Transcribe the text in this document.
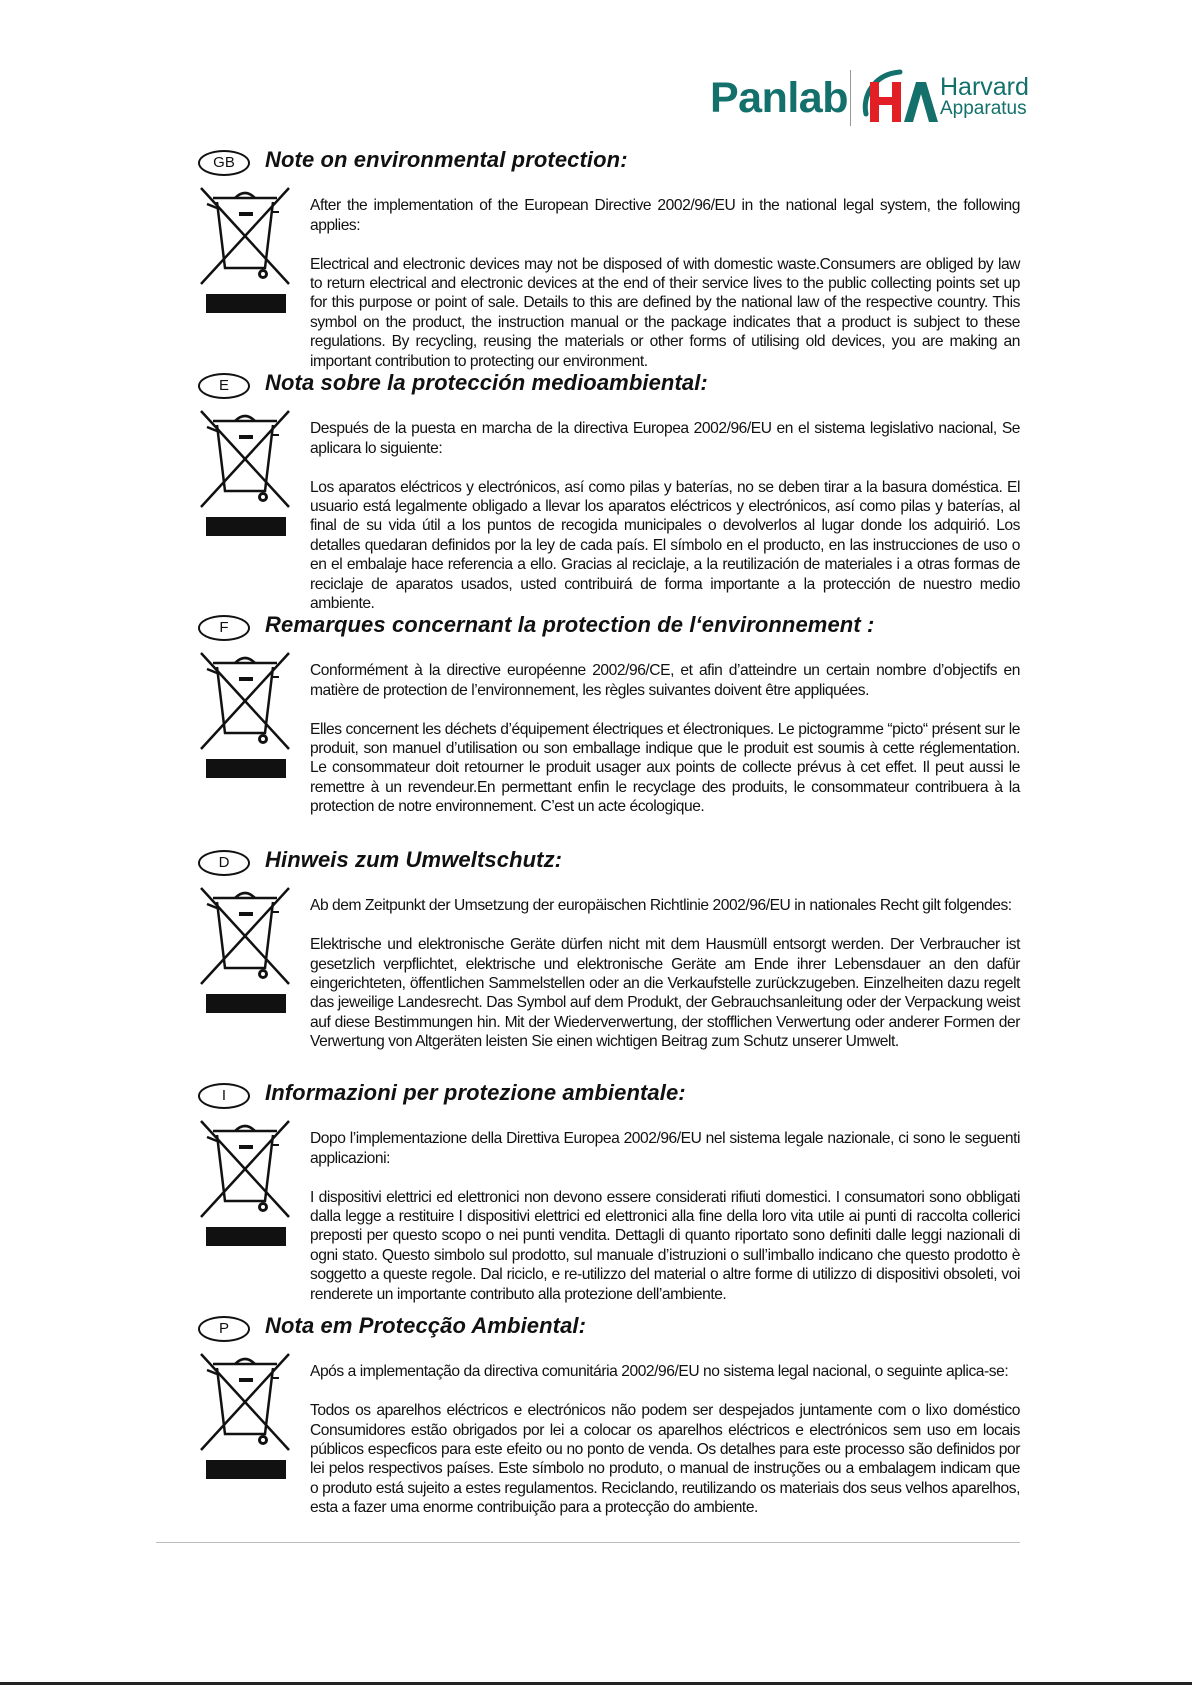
Panlab	Harvard
Apparatus
GB	Note on environmental protection:

After the implementation of the European Directive 2002/96/EU in the national legal system, the following applies:

Electrical and electronic devices may not be disposed of with domestic waste.Consumers are obliged by law to return electrical and electronic devices at the end of their service lives to the public collecting points set up for this purpose or point of sale. Details to this are defined by the national law of the respective country. This symbol on the product, the instruction manual or the package indicates that a product is subject to these regulations. By recycling, reusing the materials or other forms of utilising old devices, you are making an important contribution to protecting our environment.

E	Nota sobre la protección medioambiental:

Después de la puesta en marcha de la directiva Europea 2002/96/EU en el sistema legislativo nacional, Se aplicara lo siguiente:

Los aparatos eléctricos y electrónicos, así como pilas y baterías, no se deben tirar a la basura doméstica. El usuario está legalmente obligado a llevar los aparatos eléctricos y electrónicos, así como pilas y baterías, al final de su vida útil a los puntos de recogida municipales o devolverlos al lugar donde los adquirió. Los detalles quedaran definidos por la ley de cada país. El símbolo en el producto, en las instrucciones de uso o en el embalaje hace referencia a ello. Gracias al reciclaje, a la reutilización de materiales i a otras formas de reciclaje de aparatos usados, usted contribuirá de forma importante a la protección de nuestro medio ambiente.

F	Remarques concernant la protection de l‘environnement :

Conformément à la directive européenne 2002/96/CE, et afin d’atteindre un certain nombre d’objectifs en matière de protection de l’environnement, les règles suivantes doivent être appliquées.

Elles concernent les déchets d’équipement électriques et électroniques. Le pictogramme “picto“ présent sur le produit, son manuel d’utilisation ou son emballage indique que le produit est soumis à cette réglementation. Le consommateur doit retourner le produit usager aux points de collecte prévus à cet effet. Il peut aussi le remettre à un revendeur.En permettant enfin le recyclage des produits, le consommateur contribuera à la protection de notre environnement. C’est un acte écologique.

D	Hinweis zum Umweltschutz:

Ab dem Zeitpunkt der Umsetzung der europäischen Richtlinie 2002/96/EU in nationales Recht gilt folgendes:

Elektrische und elektronische Geräte dürfen nicht mit dem Hausmüll entsorgt werden. Der Verbraucher ist gesetzlich verpflichtet, elektrische und elektronische Geräte am Ende ihrer Lebensdauer an den dafür eingerichteten, öffentlichen Sammelstellen oder an die Verkaufstelle zurückzugeben. Einzelheiten dazu regelt das jeweilige Landesrecht. Das Symbol auf dem Produkt, der Gebrauchsanleitung oder der Verpackung weist auf diese Bestimmungen hin. Mit der Wiederverwertung, der stofflichen Verwertung oder anderer Formen der Verwertung von Altgeräten leisten Sie einen wichtigen Beitrag zum Schutz unserer Umwelt.

I	Informazioni per protezione ambientale:

Dopo l’implementazione della Direttiva Europea 2002/96/EU nel sistema legale nazionale, ci sono le seguenti applicazioni:

I dispositivi elettrici ed elettronici non devono essere considerati rifiuti domestici. I consumatori sono obbligati dalla legge a restituire I dispositivi elettrici ed elettronici alla fine della loro vita utile ai punti di raccolta collerici preposti per questo scopo o nei punti vendita. Dettagli di quanto riportato sono definiti dalle leggi nazionali di ogni stato. Questo simbolo sul prodotto, sul manuale d’istruzioni o sull’imballo indicano che questo prodotto è soggetto a queste regole. Dal riciclo, e re-utilizzo del material o altre forme di utilizzo di dispositivi obsoleti, voi renderete un importante contributo alla protezione dell’ambiente.

P	Nota em Protecção Ambiental:

Após a implementação da directiva comunitária 2002/96/EU no sistema legal nacional, o seguinte aplica-se:

Todos os aparelhos eléctricos e electrónicos não podem ser despejados juntamente com o lixo doméstico Consumidores estão obrigados por lei a colocar os aparelhos eléctricos e electrónicos sem uso em locais públicos especficos para este efeito ou no ponto de venda. Os detalhes para este processo são definidos por lei pelos respectivos países. Este símbolo no produto, o manual de instruções ou a embalagem indicam que o produto está sujeito a estes regulamentos. Reciclando, reutilizando os materiais dos seus velhos aparelhos, esta a fazer uma enorme contribuição para a protecção do ambiente.
